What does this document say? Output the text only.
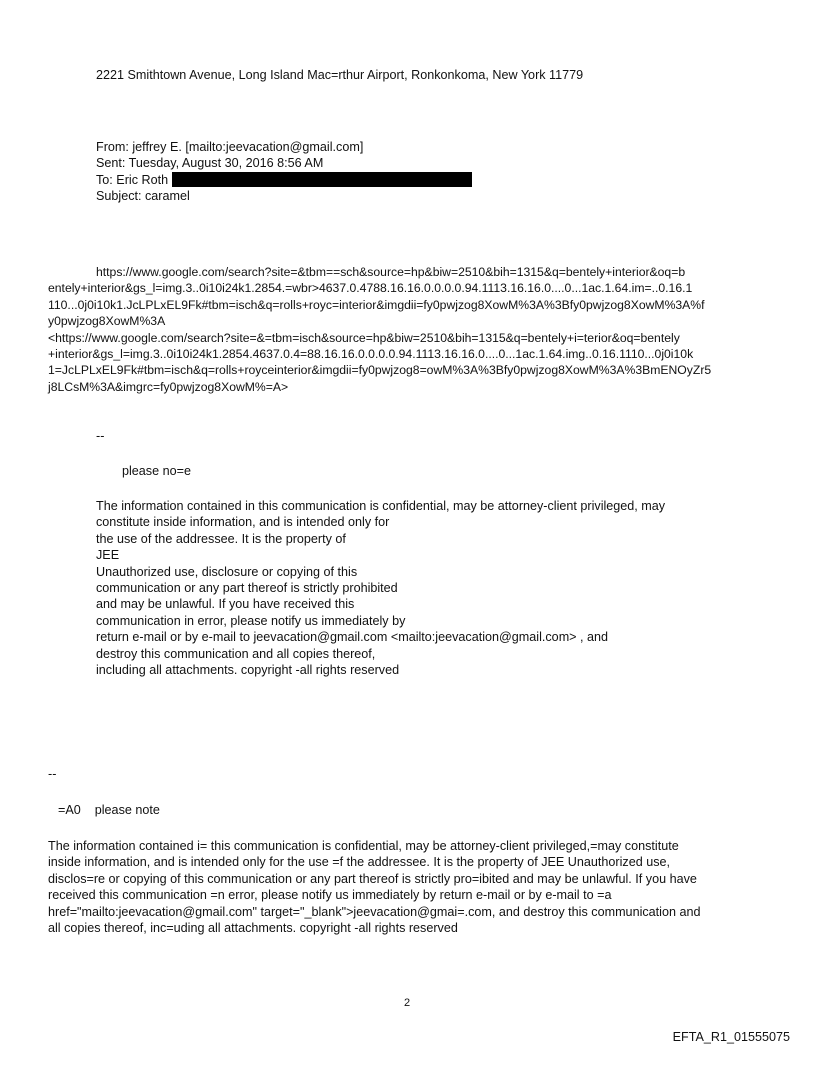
2221 Smithtown Avenue, Long Island Mac=rthur Airport, Ronkonkoma, New York 11779
From: jeffrey E. [mailto:jeevacation@gmail.com]
Sent: Tuesday, August 30, 2016 8:56 AM
To: Eric Roth
Subject: caramel
https://www.google.com/search?site=&tbm==sch&source=hp&biw=2510&bih=1315&q=bentely+interior&oq=b
entely+interior&gs_l=img.3..0i10i24k1.2854.=wbr>4637.0.4788.16.16.0.0.0.0.94.1113.16.16.0....0...1ac.1.64.im=..0.16.1
110...0j0i10k1.JcLPLxEL9Fk#tbm=isch&q=rolls+royc=interior&imgdii=fy0pwjzog8XowM%3A%3Bfy0pwjzog8XowM%3A%f
y0pwjzog8XowM%3A
<https://www.google.com/search?site=&=tbm=isch&source=hp&biw=2510&bih=1315&q=bentely+i=terior&oq=bentely
+interior&gs_l=img.3..0i10i24k1.2854.4637.0.4=88.16.16.0.0.0.0.94.1113.16.16.0....0...1ac.1.64.img..0.16.1110...0j0i10k
1=JcLPLxEL9Fk#tbm=isch&q=rolls+royceinterior&imgdii=fy0pwjzog8=owM%3A%3Bfy0pwjzog8XowM%3A%3BmENOyZr5
j8LCsM%3A&imgrc=fy0pwjzog8XowM%=A>
--
please no=e
The information contained in this communication is confidential, may be attorney-client privileged, may
constitute inside information, and is intended only for
the use of the addressee. It is the property of
JEE
Unauthorized use, disclosure or copying of this
communication or any part thereof is strictly prohibited
and may be unlawful. If you have received this
communication in error, please notify us immediately by
return e-mail or by e-mail to jeevacation@gmail.com <mailto:jeevacation@gmail.com> , and
destroy this communication and all copies thereof,
including all attachments. copyright -all rights reserved
--
=A0    please note
The information contained i= this communication is confidential, may be attorney-client privileged,=may constitute
inside information, and is intended only for the use =f the addressee. It is the property of JEE Unauthorized use,
disclos=re or copying of this communication or any part thereof is strictly pro=ibited and may be unlawful. If you have
received this communication =n error, please notify us immediately by return e-mail or by e-mail to =a
href="mailto:jeevacation@gmail.com" target="_blank">jeevacation@gmai=.com, and destroy this communication and
all copies thereof, inc=uding all attachments. copyright -all rights reserved
2
EFTA_R1_01555075
